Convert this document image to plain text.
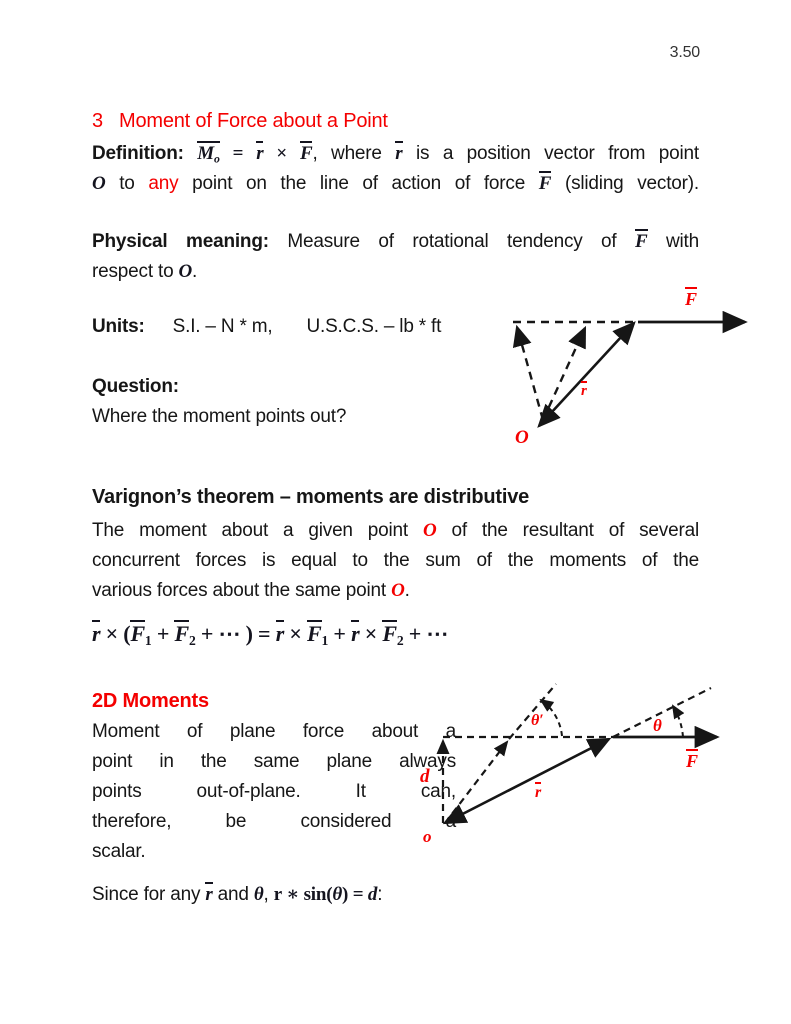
3.50
3   Moment of Force about a Point
Definition: Mo = r × F, where r is a position vector from point
O to any point on the line of action of force F (sliding vector).
Physical meaning: Measure of rotational tendency of F with
respect to O.
Units: S.I. – N * m, U.S.C.S. – lb * ft
Question:
Where the moment points out?
F
r
O
Varignon’s theorem – moments are distributive
The moment about a given point O of the resultant of several
concurrent forces is equal to the sum of the moments of the
various forces about the same point O.
r × (F1 + F2 + ⋯ ) = r × F1 + r × F2 + ⋯
2D Moments
Moment of plane force about a
point in the same plane always
points out-of-plane. It can,
therefore, be considered a
scalar.
d
o
r
F
θ′	θ
Since for any r and θ, r ∗ sin(θ) = d:
